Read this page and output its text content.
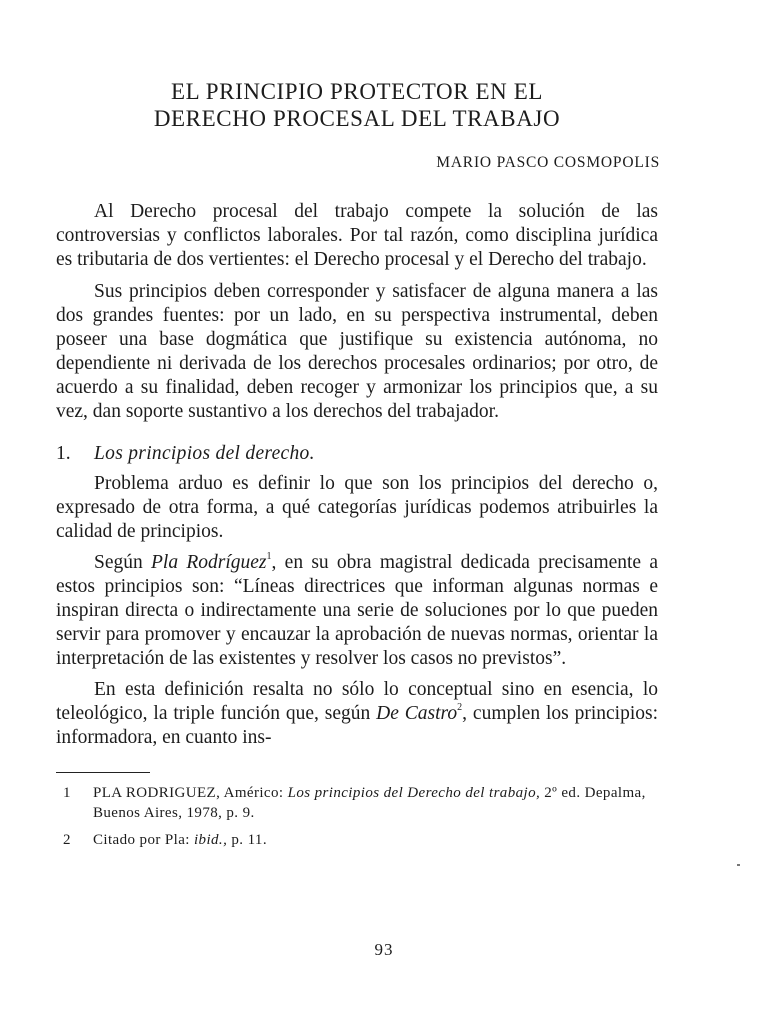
EL PRINCIPIO PROTECTOR EN EL
DERECHO PROCESAL DEL TRABAJO
MARIO PASCO COSMOPOLIS

Al Derecho procesal del trabajo compete la solución de las controversias y conflictos laborales. Por tal razón, como disciplina jurídica es tributaria de dos vertientes: el Derecho procesal y el Derecho del trabajo.

Sus principios deben corresponder y satisfacer de alguna manera a las dos grandes fuentes: por un lado, en su perspectiva instrumental, deben poseer una base dogmática que justifique su existencia autónoma, no dependiente ni derivada de los derechos procesales ordinarios; por otro, de acuerdo a su finalidad, deben recoger y armonizar los principios que, a su vez, dan soporte sustantivo a los derechos del trabajador.

1. Los principios del derecho.

Problema arduo es definir lo que son los principios del derecho o, expresado de otra forma, a qué categorías jurídicas podemos atribuirles la calidad de principios.

Según Pla Rodríguez$^1$, en su obra magistral dedicada precisamente a estos principios son: “Líneas directrices que informan algunas normas e inspiran directa o indirectamente una serie de soluciones por lo que pueden servir para promover y encauzar la aprobación de nuevas normas, orientar la interpretación de las existentes y resolver los casos no previstos”.

En esta definición resalta no sólo lo conceptual sino en esencia, lo teleológico, la triple función que, según De Castro$^2$, cumplen los principios: informadora, en cuanto ins-

1	PLA RODRIGUEZ, Américo: Los principios del Derecho del trabajo, 2º ed. Depalma, Buenos Aires, 1978, p. 9.
2	Citado por Pla: ibid., p. 11.
93
